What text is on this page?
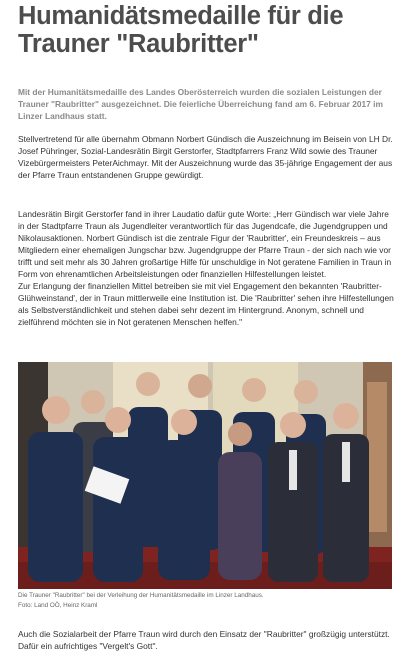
Humanidätsmedaille für die Trauner "Raubritter"

Mit der Humanitätsmedaille des Landes Oberösterreich wurden die sozialen Leistungen der Trauner "Raubritter" ausgezeichnet. Die feierliche Überreichung fand am 6. Februar 2017 im Linzer Landhaus statt.

Stellvertretend für alle übernahm Obmann Norbert Gündisch die Auszeichnung im Beisein von LH Dr. Josef Pühringer, Sozial-Landesrätin Birgit Gerstorfer, Stadtpfarrers Franz Wild sowie des Trauner Vizebürgermeisters PeterAichmayr. Mit der Auszeichnung wurde das 35-jährige Engagement der aus der Pfarre Traun entstandenen Gruppe gewürdigt.

Landesrätin Birgit Gerstorfer fand in ihrer Laudatio dafür gute Worte: „Herr Gündisch war viele Jahre in der Stadtpfarre Traun als Jugendleiter verantwortlich für das Jugendcafe, die Jugendgruppen und Nikolausaktionen. Norbert Gündisch ist die zentrale Figur der 'Raubritter', ein Freundeskreis – aus Mitgliedern einer ehemaligen Jungschar bzw. Jugendgruppe der Pfarre Traun - der sich nach wie vor trifft und seit mehr als 30 Jahren großartige Hilfe für unschuldige in Not geratene Familien in Traun in Form von ehrenamtlichen Arbeitsleistungen oder finanziellen Hilfestellungen leistet.
Zur Erlangung der finanziellen Mittel betreiben sie mit viel Engagement den bekannten 'Raubritter-Glühweinstand', der in Traun mittlerweile eine Institution ist. Die 'Raubritter' sehen ihre Hilfestellungen als Selbstverständlichkeit und stehen dabei sehr dezent im Hintergrund. Anonym, schnell und zielführend möchten sie in Not geratenen Menschen helfen."

Die Trauner "Raubritter" bei der Verleihung der Humanitätsmedaille im Linzer Landhaus.
Foto: Land OÖ, Heinz Kraml

Auch die Sozialarbeit der Pfarre Traun wird durch den Einsatz der "Raubritter" großzügig unterstützt. Dafür ein aufrichtiges "Vergelt's Gott".
